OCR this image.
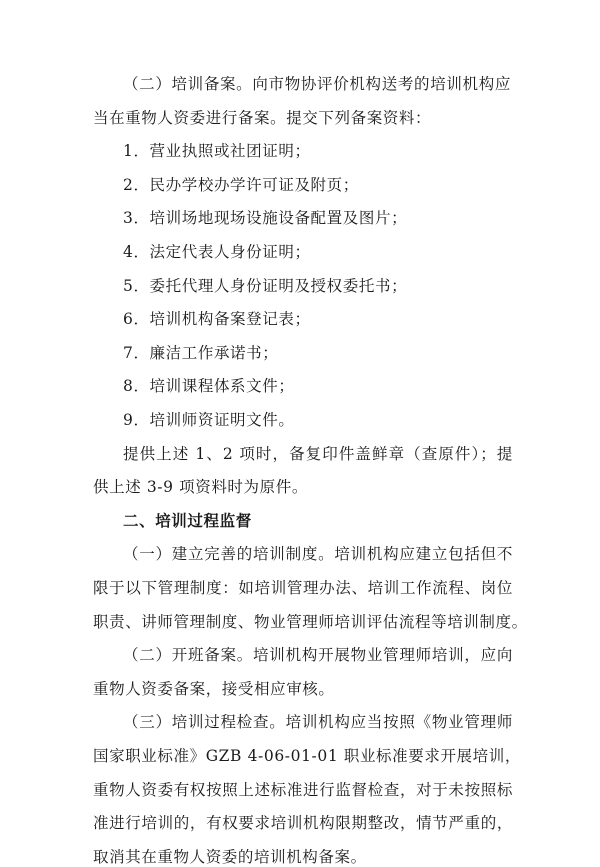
（二）培训备案。向市物协评价机构送考的培训机构应
当在重物人资委进行备案。提交下列备案资料：
1．营业执照或社团证明；
2．民办学校办学许可证及附页；
3．培训场地现场设施设备配置及图片；
4．法定代表人身份证明；
5．委托代理人身份证明及授权委托书；
6．培训机构备案登记表；
7．廉洁工作承诺书；
8．培训课程体系文件；
9．培训师资证明文件。
提供上述 1、2 项时，备复印件盖鲜章（查原件）；提
供上述 3-9 项资料时为原件。
二、培训过程监督
（一）建立完善的培训制度。培训机构应建立包括但不
限于以下管理制度：如培训管理办法、培训工作流程、岗位
职责、讲师管理制度、物业管理师培训评估流程等培训制度。
（二）开班备案。培训机构开展物业管理师培训，应向
重物人资委备案，接受相应审核。
（三）培训过程检查。培训机构应当按照《物业管理师
国家职业标准》GZB 4-06-01-01 职业标准要求开展培训，
重物人资委有权按照上述标准进行监督检查，对于未按照标
准进行培训的，有权要求培训机构限期整改，情节严重的，
取消其在重物人资委的培训机构备案。
